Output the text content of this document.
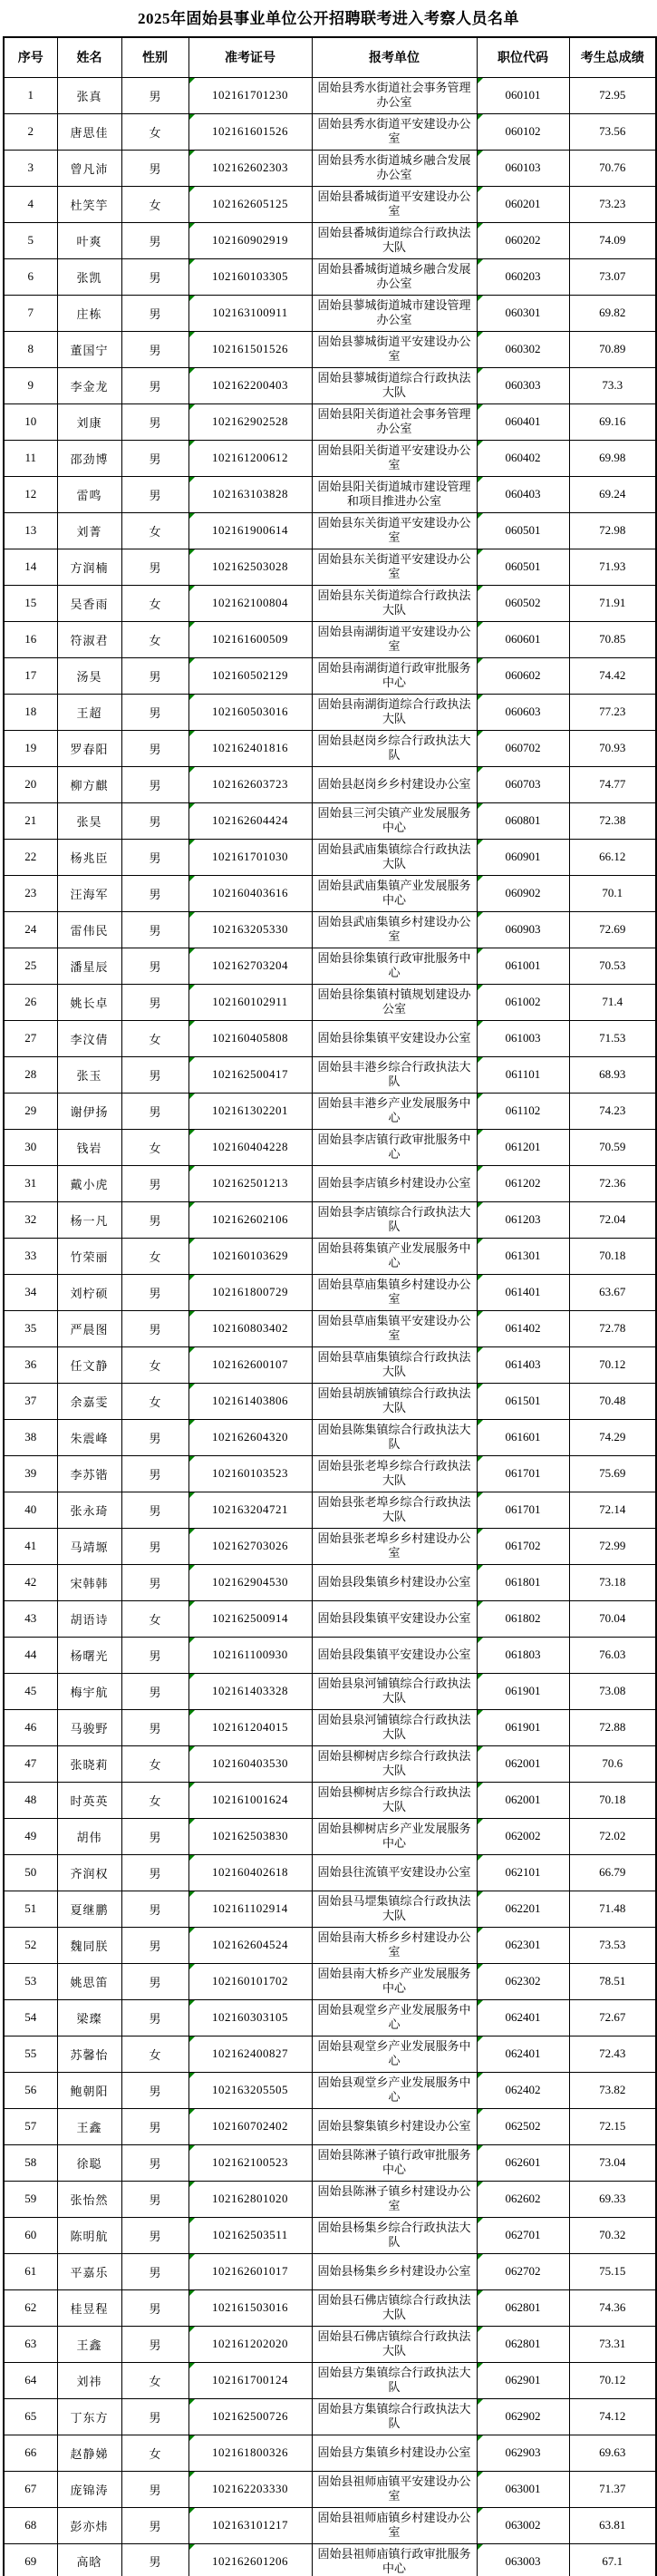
2025年固始县事业单位公开招聘联考进入考察人员名单
序号	姓名	性别	准考证号	报考单位	职位代码	考生总成绩
1	张真	男	102161701230	固始县秀水街道社会事务管理办公室	060101	72.95
2	唐思佳	女	102161601526	固始县秀水街道平安建设办公室	060102	73.56
3	曾凡沛	男	102162602303	固始县秀水街道城乡融合发展办公室	060103	70.76
4	杜笑竽	女	102162605125	固始县番城街道平安建设办公室	060201	73.23
5	叶爽	男	102160902919	固始县番城街道综合行政执法大队	060202	74.09
6	张凯	男	102160103305	固始县番城街道城乡融合发展办公室	060203	73.07
7	庄栋	男	102163100911	固始县蓼城街道城市建设管理办公室	060301	69.82
8	董国宁	男	102161501526	固始县蓼城街道平安建设办公室	060302	70.89
9	李金龙	男	102162200403	固始县蓼城街道综合行政执法大队	060303	73.3
10	刘康	男	102162902528	固始县阳关街道社会事务管理办公室	060401	69.16
11	邵劲博	男	102161200612	固始县阳关街道平安建设办公室	060402	69.98
12	雷鸣	男	102163103828	固始县阳关街道城市建设管理和项目推进办公室	060403	69.24
13	刘菁	女	102161900614	固始县东关街道平安建设办公室	060501	72.98
14	方润楠	男	102162503028	固始县东关街道平安建设办公室	060501	71.93
15	吴香雨	女	102162100804	固始县东关街道综合行政执法大队	060502	71.91
16	符淑君	女	102161600509	固始县南湖街道平安建设办公室	060601	70.85
17	汤昊	男	102160502129	固始县南湖街道行政审批服务中心	060602	74.42
18	王超	男	102160503016	固始县南湖街道综合行政执法大队	060603	77.23
19	罗春阳	男	102162401816	固始县赵岗乡综合行政执法大队	060702	70.93
20	柳方麒	男	102162603723	固始县赵岗乡乡村建设办公室	060703	74.77
21	张昊	男	102162604424	固始县三河尖镇产业发展服务中心	060801	72.38
22	杨兆臣	男	102161701030	固始县武庙集镇综合行政执法大队	060901	66.12
23	汪海军	男	102160403616	固始县武庙集镇产业发展服务中心	060902	70.1
24	雷伟民	男	102163205330	固始县武庙集镇乡村建设办公室	060903	72.69
25	潘星辰	男	102162703204	固始县徐集镇行政审批服务中心	061001	70.53
26	姚长卓	男	102160102911	固始县徐集镇村镇规划建设办公室	061002	71.4
27	李汶倩	女	102160405808	固始县徐集镇平安建设办公室	061003	71.53
28	张玉	男	102162500417	固始县丰港乡综合行政执法大队	061101	68.93
29	谢伊扬	男	102161302201	固始县丰港乡产业发展服务中心	061102	74.23
30	钱岩	女	102160404228	固始县李店镇行政审批服务中心	061201	70.59
31	戴小虎	男	102162501213	固始县李店镇乡村建设办公室	061202	72.36
32	杨一凡	男	102162602106	固始县李店镇综合行政执法大队	061203	72.04
33	竹荣丽	女	102160103629	固始县蒋集镇产业发展服务中心	061301	70.18
34	刘柠硕	男	102161800729	固始县草庙集镇乡村建设办公室	061401	63.67
35	严晨图	男	102160803402	固始县草庙集镇平安建设办公室	061402	72.78
36	任文静	女	102162600107	固始县草庙集镇综合行政执法大队	061403	70.12
37	余嘉雯	女	102161403806	固始县胡族铺镇综合行政执法大队	061501	70.48
38	朱震峰	男	102162604320	固始县陈集镇综合行政执法大队	061601	74.29
39	李苏锴	男	102160103523	固始县张老埠乡综合行政执法大队	061701	75.69
40	张永琦	男	102163204721	固始县张老埠乡综合行政执法大队	061701	72.14
41	马靖塬	男	102162703026	固始县张老埠乡乡村建设办公室	061702	72.99
42	宋韩韩	男	102162904530	固始县段集镇乡村建设办公室	061801	73.18
43	胡语诗	女	102162500914	固始县段集镇平安建设办公室	061802	70.04
44	杨曙光	男	102161100930	固始县段集镇平安建设办公室	061803	76.03
45	梅宇航	男	102161403328	固始县泉河铺镇综合行政执法大队	061901	73.08
46	马骏野	男	102161204015	固始县泉河铺镇综合行政执法大队	061901	72.88
47	张晓莉	女	102160403530	固始县柳树店乡综合行政执法大队	062001	70.6
48	时英英	女	102161001624	固始县柳树店乡综合行政执法大队	062001	70.18
49	胡伟	男	102162503830	固始县柳树店乡产业发展服务中心	062002	72.02
50	齐润权	男	102160402618	固始县往流镇平安建设办公室	062101	66.79
51	夏继鹏	男	102161102914	固始县马堽集镇综合行政执法大队	062201	71.48
52	魏同朕	男	102162604524	固始县南大桥乡乡村建设办公室	062301	73.53
53	姚思笛	男	102160101702	固始县南大桥乡产业发展服务中心	062302	78.51
54	梁璨	男	102160303105	固始县观堂乡产业发展服务中心	062401	72.67
55	苏馨怡	女	102162400827	固始县观堂乡产业发展服务中心	062401	72.43
56	鲍朝阳	男	102163205505	固始县观堂乡产业发展服务中心	062402	73.82
57	王鑫	男	102160702402	固始县黎集镇乡村建设办公室	062502	72.15
58	徐聪	男	102162100523	固始县陈淋子镇行政审批服务中心	062601	73.04
59	张怡然	男	102162801020	固始县陈淋子镇乡村建设办公室	062602	69.33
60	陈明航	男	102162503511	固始县杨集乡综合行政执法大队	062701	70.32
61	平嘉乐	男	102162601017	固始县杨集乡乡村建设办公室	062702	75.15
62	桂昱程	男	102161503016	固始县石佛店镇综合行政执法大队	062801	74.36
63	王鑫	男	102161202020	固始县石佛店镇综合行政执法大队	062801	73.31
64	刘祎	女	102161700124	固始县方集镇综合行政执法大队	062901	70.12
65	丁东方	男	102162500726	固始县方集镇综合行政执法大队	062902	74.12
66	赵静娣	女	102161800326	固始县方集镇乡村建设办公室	062903	69.63
67	庞锦涛	男	102162203330	固始县祖师庙镇平安建设办公室	063001	71.37
68	彭亦炜	男	102163101217	固始县祖师庙镇乡村建设办公室	063002	63.81
69	高晗	男	102162601206	固始县祖师庙镇行政审批服务中心	063003	67.1
